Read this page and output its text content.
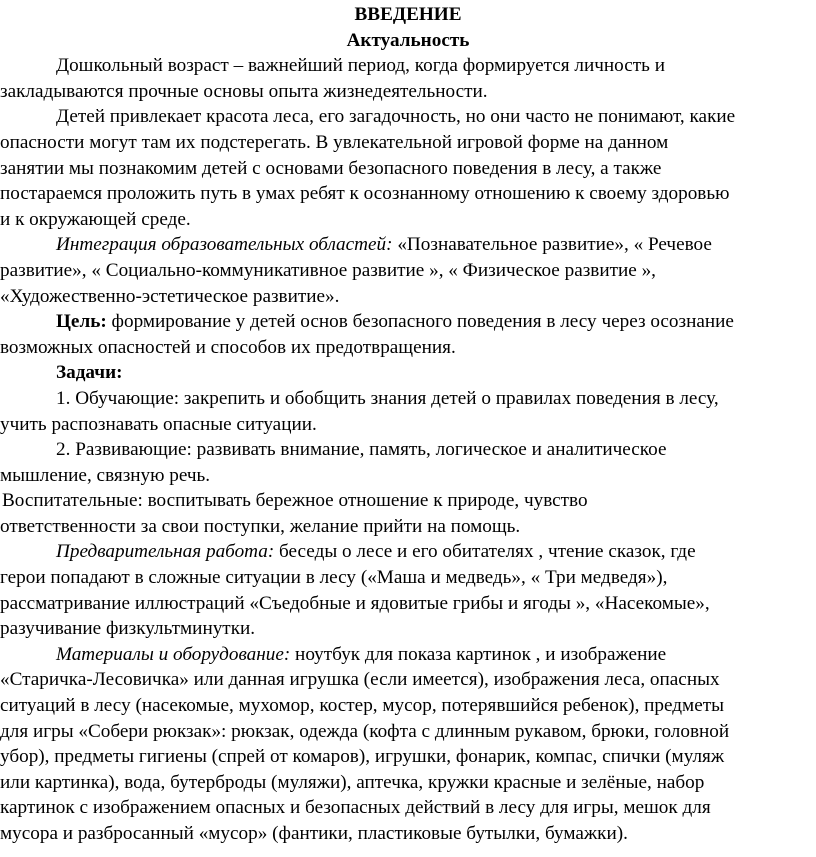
ВВЕДЕНИЕ
Актуальность

Дошкольный возраст – важнейший период, когда формируется личность и

закладываются прочные основы опыта жизнедеятельности.

Детей привлекает красота леса, его загадочность, но они часто не понимают, какие

опасности могут там их подстерегать. В увлекательной игровой форме на данном

занятии мы познакомим детей с основами безопасного поведения в лесу, а также

постараемся проложить путь в умах ребят к осознанному отношению к своему здоровью

и к окружающей среде.

Интеграция образовательных областей: «Познавательное развитие», « Речевое

развитие», « Социально-коммуникативное развитие », « Физическое развитие »,

«Художественно-эстетическое развитие».

Цель: формирование у детей основ безопасного поведения в лесу через осознание

возможных опасностей и способов их предотвращения.

Задачи:

1. Обучающие: закрепить и обобщить знания детей о правилах поведения в лесу,

учить распознавать опасные ситуации.

2. Развивающие: развивать внимание, память, логическое и аналитическое

мышление, связную речь.

Воспитательные: воспитывать бережное отношение к природе, чувство

ответственности за свои поступки, желание прийти на помощь.

Предварительная работа: беседы о лесе и его обитателях , чтение сказок, где

герои попадают в сложные ситуации в лесу («Маша и медведь», « Три медведя»),

рассматривание иллюстраций «Съедобные и ядовитые грибы и ягоды », «Насекомые»,

разучивание физкультминутки.

Материалы и оборудование: ноутбук для показа картинок , и изображение

«Старичка-Лесовичка» или данная игрушка (если имеется), изображения леса, опасных

ситуаций в лесу (насекомые, мухомор, костер, мусор, потерявшийся ребенок), предметы

для игры «Собери рюкзак»: рюкзак, одежда (кофта с длинным рукавом, брюки, головной

убор), предметы гигиены (спрей от комаров), игрушки, фонарик, компас, спички (муляж

или картинка), вода, бутерброды (муляжи), аптечка, кружки красные и зелёные, набор

картинок с изображением опасных и безопасных действий в лесу для игры, мешок для

мусора и разбросанный «мусор» (фантики, пластиковые бутылки, бумажки).
